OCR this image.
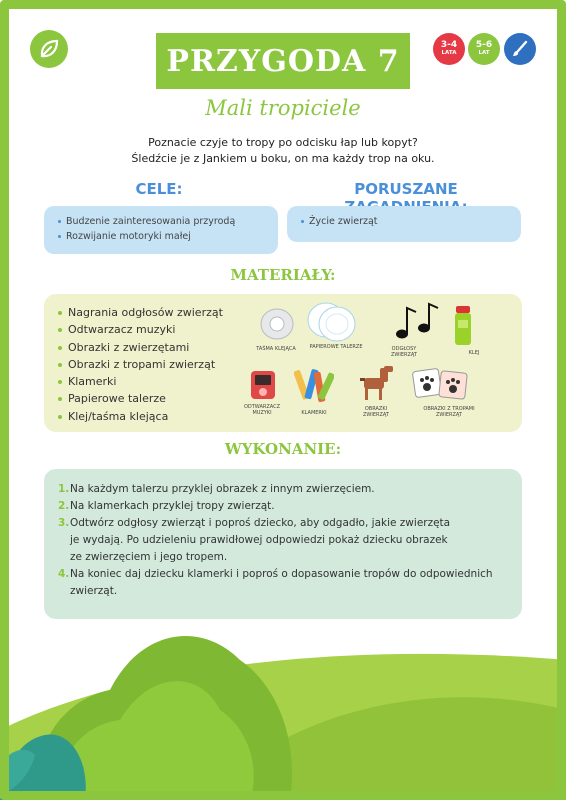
PRZYGODA 7	3-4
LATA
5-6
LAT
Mali tropiciele
Poznacie czyje to tropy po odcisku łap lub kopyt?
Śledźcie je z Jankiem u boku, on ma każdy trop na oku.
CELE:	PORUSZANE
Budzenie zainteresowania przyrodą
Rozwijanie motoryki małej
Życie zwierząt
MATERIAŁY:
Nagrania odgłosów zwierząt
Odtwarzacz muzyki
Obrazki z zwierzętami
Obrazki z tropami zwierząt
Klamerki
Papierowe talerze
Klej/taśma klejąca
TAŚMA KLEJĄCA	PAPIEROWE TALERZE	ODGŁOSY ZWIERZĄT	KLEJ
ODTWARZACZ MUZYKI	KLAMERKI
OBRAZKI ZWIERZĄT
OBRAZKI Z TROPAMI ZWIERZĄT
WYKONANIE:
1. Na każdym talerzu przyklej obrazek z innym zwierzęciem.
2. Na klamerkach przyklej tropy zwierząt.
3. Odtwórz odgłosy zwierząt i poproś dziecko, aby odgadło, jakie zwierzęta
je wydają. Po udzieleniu prawidłowej odpowiedzi pokaż dziecku obrazek
ze zwierzęciem i jego tropem.
4. Na koniec daj dziecku klamerki i poproś o dopasowanie tropów do odpowiednich
zwierząt.
